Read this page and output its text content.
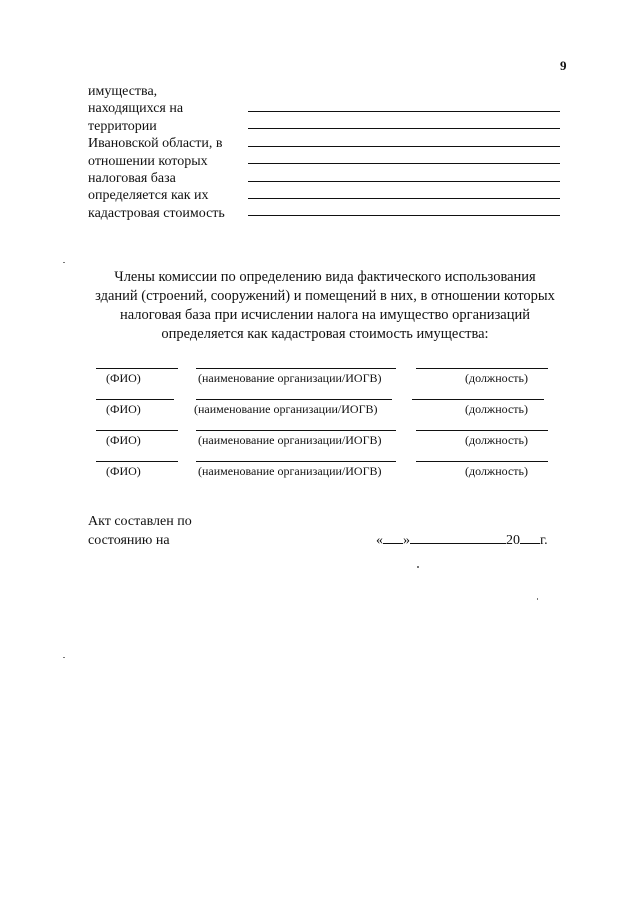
9
имущества,
находящихся на
территории
Ивановской области, в
отношении которых
налоговая база
определяется как их
кадастровая стоимость
Члены комиссии по определению вида фактического использования
зданий (строений, сооружений) и помещений в них, в отношении которых
налоговая база при исчислении налога на имущество организаций
определяется как кадастровая стоимость имущества:
(ФИО)	(наименование организации/ИОГВ)	(должность)
(ФИО)	(наименование организации/ИОГВ)	(должность)
(ФИО)	(наименование организации/ИОГВ)	(должность)
(ФИО)	(наименование организации/ИОГВ)	(должность)
Акт составлен по
состоянию на	« »	20 г.
